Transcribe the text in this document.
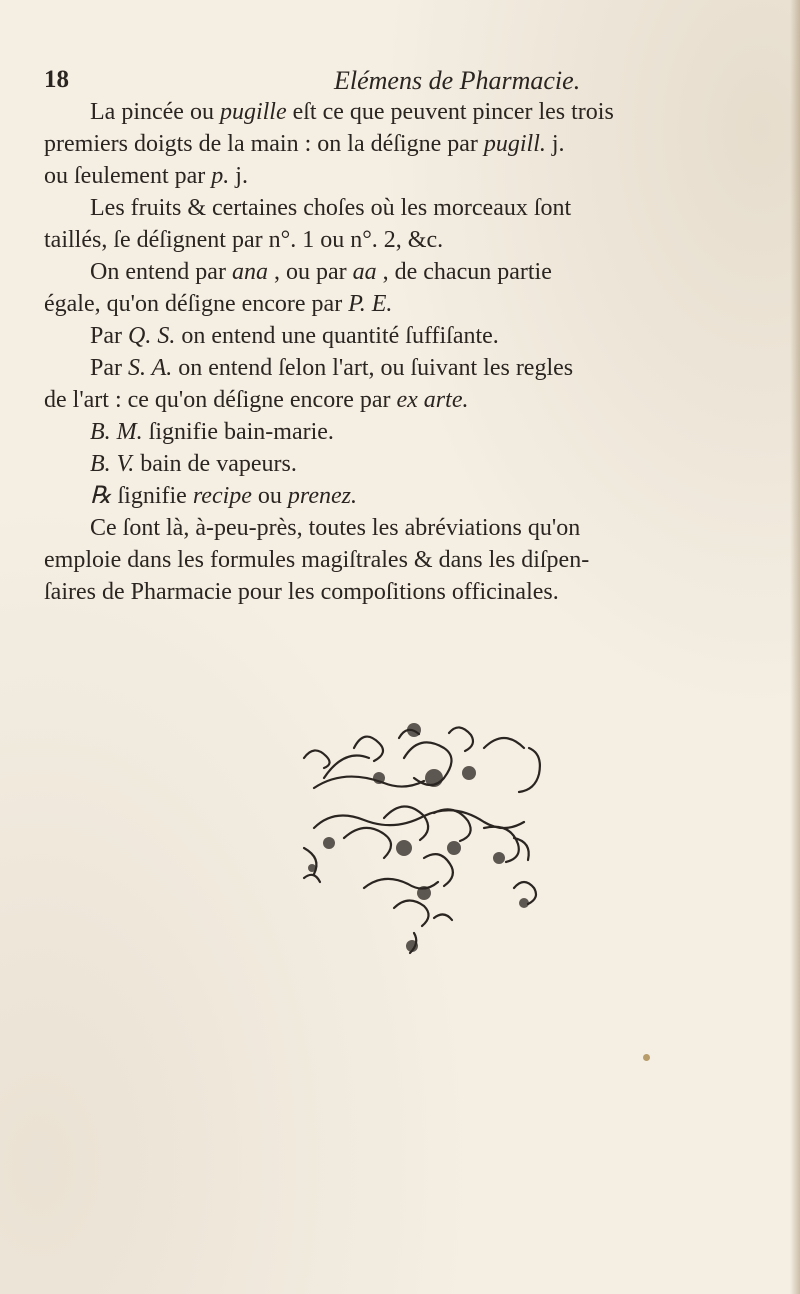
18	Elémens de Pharmacie.
La pincée ou pugille eſt ce que peuvent pincer les trois
premiers doigts de la main : on la déſigne par pugill. j.
ou ſeulement par p. j.
Les fruits & certaines choſes où les morceaux ſont
taillés, ſe déſignent par n°. 1 ou n°. 2, &c.
On entend par ana , ou par aa , de chacun partie
égale, qu'on déſigne encore par P. E.
Par Q. S. on entend une quantité ſuffiſante.
Par S. A. on entend ſelon l'art, ou ſuivant les regles
de l'art : ce qu'on déſigne encore par ex arte.
B. M. ſignifie bain-marie.
B. V. bain de vapeurs.
℞ ſignifie recipe ou prenez.
Ce ſont là, à-peu-près, toutes les abréviations qu'on
emploie dans les formules magiſtrales & dans les diſpen-
ſaires de Pharmacie pour les compoſitions officinales.
